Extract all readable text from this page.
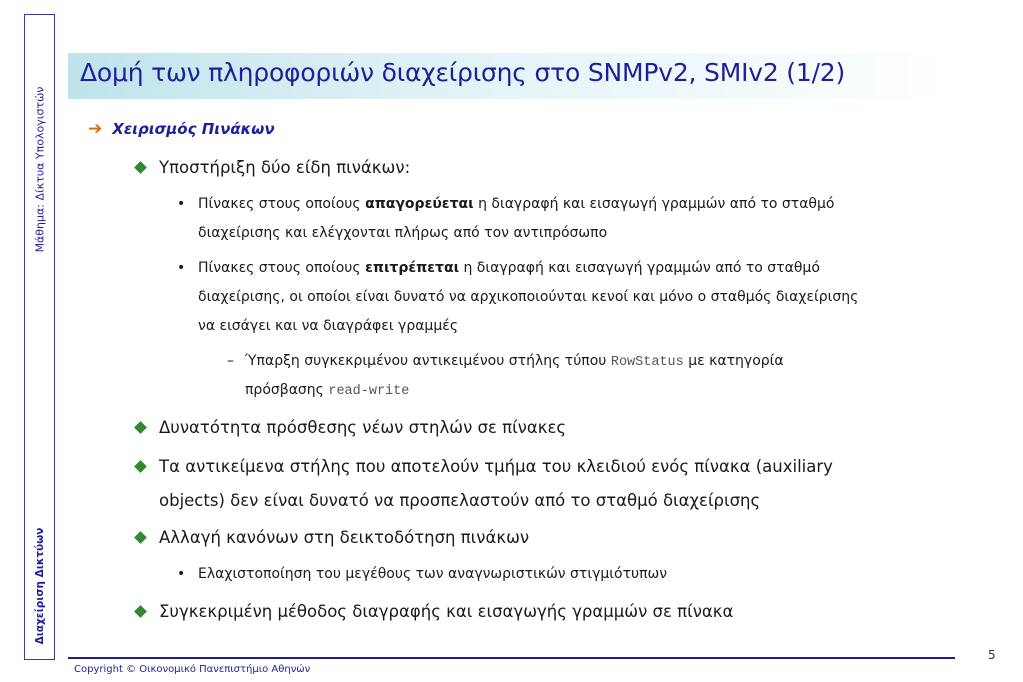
Μάθημα: Δίκτυα Υπολογιστών
Διαχείριση Δικτύων
Δομή των πληροφοριών διαχείρισης στο SNMPv2, SMIv2 (1/2)
➔ Χειρισμός Πινάκων
Υποστήριξη δύο είδη πινάκων:
• Πίνακες στους οποίους απαγορεύεται η διαγραφή και εισαγωγή γραμμών από το σταθμό
διαχείρισης και ελέγχονται πλήρως από τον αντιπρόσωπο
• Πίνακες στους οποίους επιτρέπεται η διαγραφή και εισαγωγή γραμμών από το σταθμό
διαχείρισης, οι οποίοι είναι δυνατό να αρχικοποιούνται κενοί και μόνο ο σταθμός διαχείρισης
να εισάγει και να διαγράφει γραμμές
– Ύπαρξη συγκεκριμένου αντικειμένου στήλης τύπου RowStatus με κατηγορία
πρόσβασης read-write
Δυνατότητα πρόσθεσης νέων στηλών σε πίνακες
Τα αντικείμενα στήλης που αποτελούν τμήμα του κλειδιού ενός πίνακα (auxiliary
objects) δεν είναι δυνατό να προσπελαστούν από το σταθμό διαχείρισης
Αλλαγή κανόνων στη δεικτοδότηση πινάκων
• Ελαχιστοποίηση του μεγέθους των αναγνωριστικών στιγμιότυπων
Συγκεκριμένη μέθοδος διαγραφής και εισαγωγής γραμμών σε πίνακα
Copyright © Οικονομικό Πανεπιστήμιο Αθηνών
5
